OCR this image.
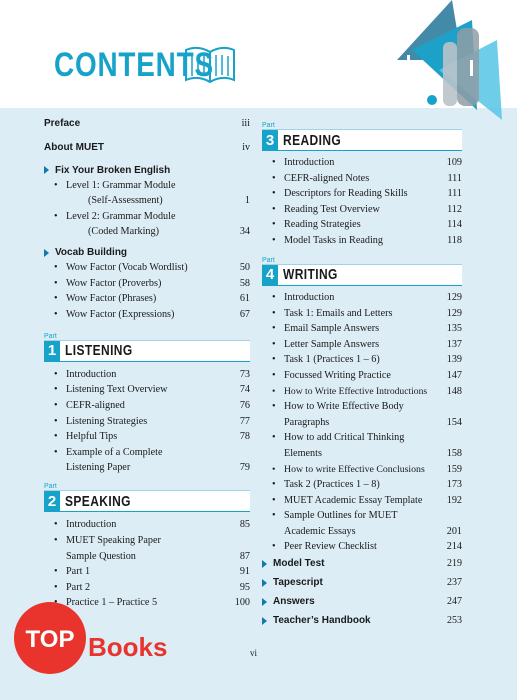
CONTENTS
Preface	iii
About MUET	iv
Fix Your Broken English
• Level 1: Grammar Module
(Self-Assessment)	1
• Level 2: Grammar Module
(Coded Marking)	34
Vocab Building
• Wow Factor (Vocab Wordlist)	50
• Wow Factor (Proverbs)	58
• Wow Factor (Phrases)	61
• Wow Factor (Expressions)	67
Part
1 LISTENING
• Introduction	73
• Listening Text Overview	74
• CEFR-aligned	76
• Listening Strategies	77
• Helpful Tips	78
• Example of a Complete
Listening Paper	79
Part
2 SPEAKING
• Introduction	85
• MUET Speaking Paper
Sample Question	87
• Part 1	91
• Part 2	95
• Practice 1 – Practice 5	100
Part
3 READING
• Introduction	109
• CEFR-aligned Notes	111
• Descriptors for Reading Skills	111
• Reading Test Overview	112
• Reading Strategies	114
• Model Tasks in Reading	118
Part
4 WRITING
• Introduction	129
• Task 1: Emails and Letters	129
• Email Sample Answers	135
• Letter Sample Answers	137
• Task 1 (Practices 1 – 6)	139
• Focussed Writing Practice	147
• How to Write Effective Introductions 148
• How to Write Effective Body
Paragraphs	154
• How to add Critical Thinking
Elements	158
• How to write Effective Conclusions 159
• Task 2 (Practices 1 – 8)	173
• MUET Academic Essay Template 192
• Sample Outlines for MUET
Academic Essays	201
• Peer Review Checklist	214
Model Test	219
Tapescript	237
Answers	247
Teacher’s Handbook	253
vi
TOP Books
